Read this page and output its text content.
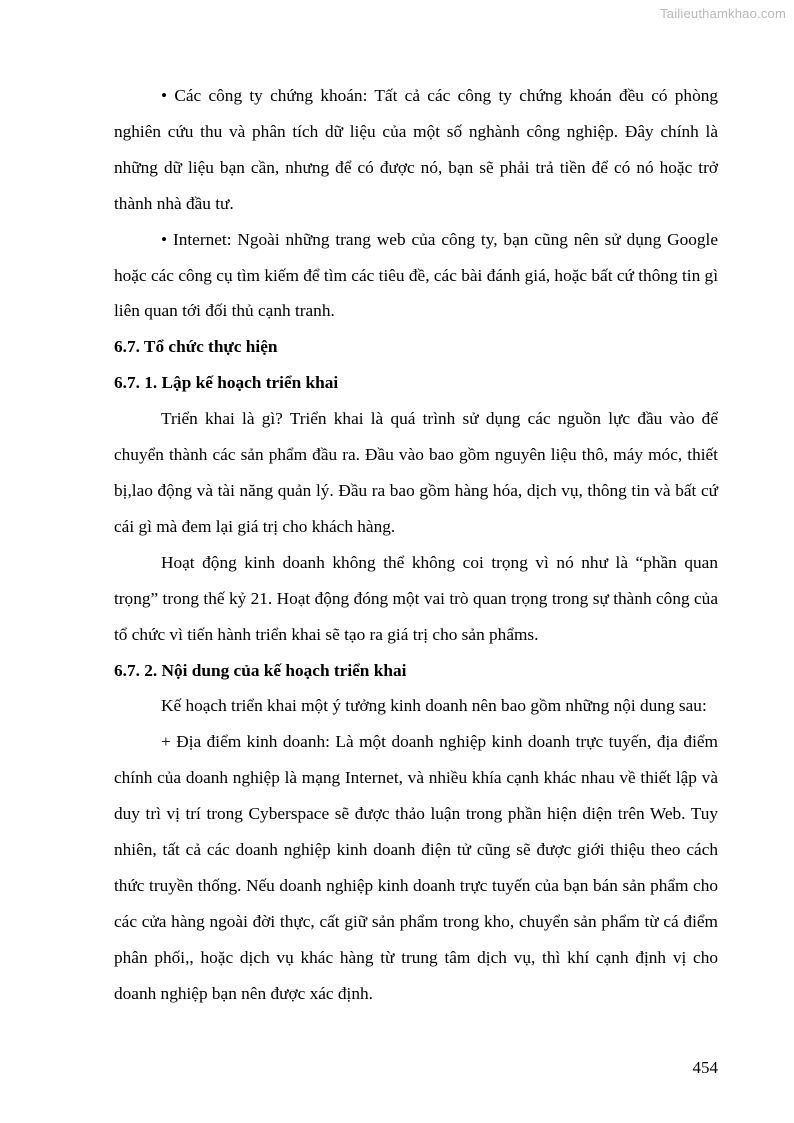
Tailieuthamkhao.com

• Các công ty chứng khoán: Tất cả các công ty chứng khoán đều có phòng nghiên cứu thu và phân tích dữ liệu của một số nghành công nghiệp. Đây chính là những dữ liệu bạn cần, nhưng để có được nó, bạn sẽ phải trả tiền để có nó hoặc trở thành nhà đầu tư.

• Internet: Ngoài những trang web của công ty, bạn cũng nên sử dụng Google hoặc các công cụ tìm kiếm để tìm các tiêu đề, các bài đánh giá, hoặc bất cứ thông tin gì liên quan tới đối thủ cạnh tranh.

6.7. Tổ chức thực hiện
6.7. 1. Lập kế hoạch triển khai

Triển khai là gì? Triển khai là quá trình sử dụng các nguồn lực đầu vào để chuyển thành các sản phẩm đầu ra. Đầu vào bao gồm nguyên liệu thô, máy móc, thiết bị,lao động và tài năng quản lý. Đầu ra bao gồm hàng hóa, dịch vụ, thông tin và bất cứ cái gì mà đem lại giá trị cho khách hàng.

Hoạt động kinh doanh không thể không coi trọng vì nó như là “phần quan trọng” trong thế kỷ 21. Hoạt động đóng một vai trò quan trọng trong sự thành công của tổ chức vì tiến hành triển khai sẽ tạo ra giá trị cho sản phẩms.

6.7. 2. Nội dung của kế hoạch triển khai

Kế hoạch triển khai một ý tưởng kinh doanh nên bao gồm những nội dung sau:

+ Địa điểm kinh doanh: Là một doanh nghiệp kinh doanh trực tuyến, địa điểm chính của doanh nghiệp là mạng Internet, và nhiều khía cạnh khác nhau về thiết lập và duy trì vị trí trong Cyberspace sẽ được thảo luận trong phần hiện diện trên Web. Tuy nhiên, tất cả các doanh nghiệp kinh doanh điện tử cũng sẽ được giới thiệu theo cách thức truyền thống. Nếu doanh nghiệp kinh doanh trực tuyến của bạn bán sản phẩm cho các cửa hàng ngoài đời thực, cất giữ sản phẩm trong kho, chuyển sản phẩm từ cá điểm phân phối,, hoặc dịch vụ khác hàng từ trung tâm dịch vụ, thì khí cạnh định vị cho doanh nghiệp bạn nên được xác định.

454
